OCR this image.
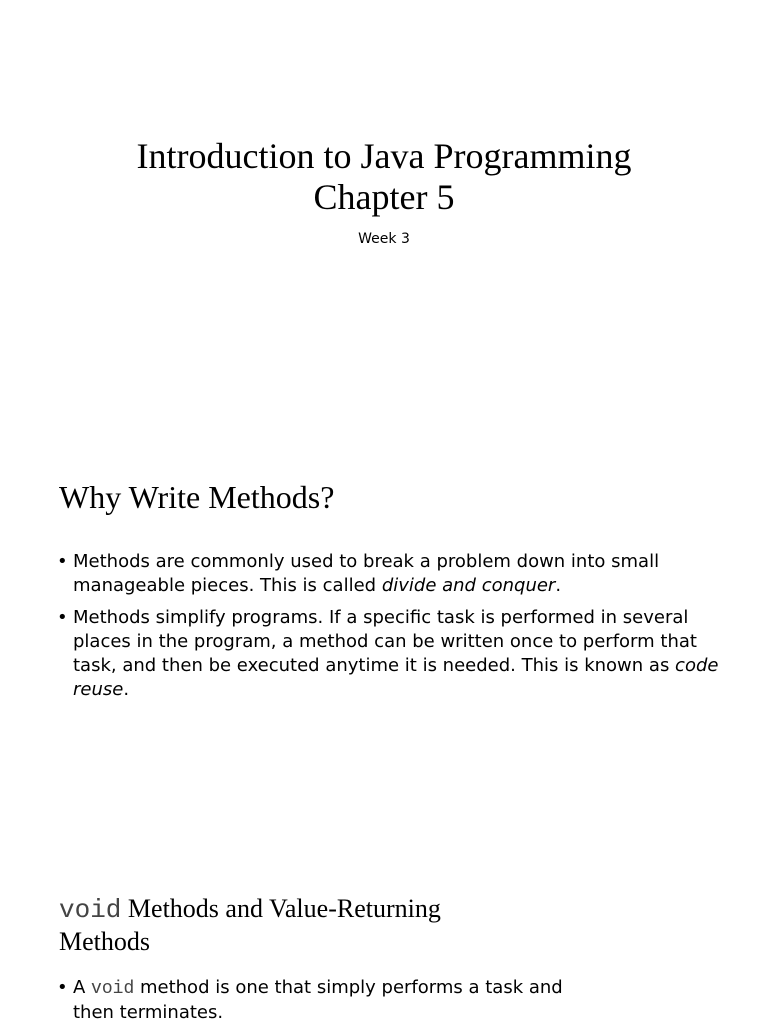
Introduction to Java Programming
Chapter 5
Week 3
Why Write Methods?
• Methods are commonly used to break a problem down into small manageable pieces. This is called divide and conquer.
• Methods simplify programs. If a specific task is performed in several places in the program, a method can be written once to perform that task, and then be executed anytime it is needed. This is known as code reuse.
void Methods and Value-Returning Methods
• A void method is one that simply performs a task and then terminates.
